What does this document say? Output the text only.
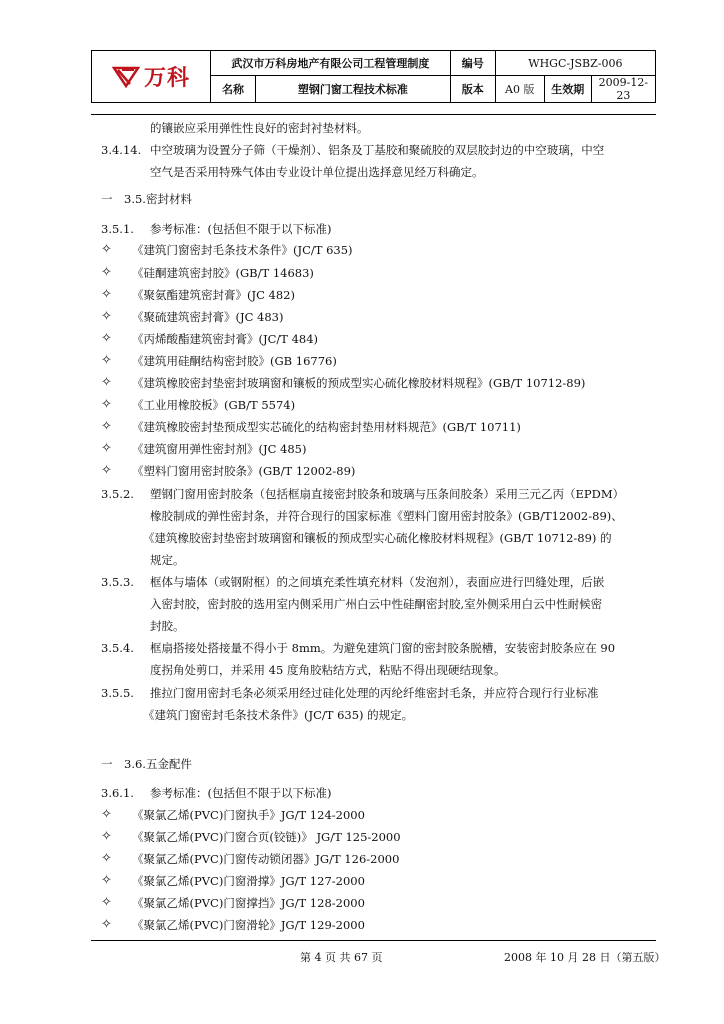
万科	武汉市万科房地产有限公司工程管理制度		编号	WHGC-JSBZ-006		
	名称	塑钢门窗工程技术标准	版本	A0 版	生效期	2009-12-23
的镶嵌应采用弹性性良好的密封衬垫材料。
3.4.14. 中空玻璃为设置分子筛（干燥剂）、铝条及丁基胶和聚硫胶的双层胶封边的中空玻璃，中空
空气是否采用特殊气体由专业设计单位提出选择意见经万科确定。
一　3.5.密封材料
3.5.1. 参考标准：(包括但不限于以下标准)
✧ 《建筑门窗密封毛条技术条件》(JC/T 635)
✧ 《硅酮建筑密封胶》(GB/T 14683)
✧ 《聚氨酯建筑密封膏》(JC 482)
✧ 《聚硫建筑密封膏》(JC 483)
✧ 《丙烯酸酯建筑密封膏》(JC/T 484)
✧ 《建筑用硅酮结构密封胶》(GB 16776)
✧ 《建筑橡胶密封垫密封玻璃窗和镶板的预成型实心硫化橡胶材料规程》(GB/T 10712-89)
✧ 《工业用橡胶板》(GB/T 5574)
✧ 《建筑橡胶密封垫预成型实芯硫化的结构密封垫用材料规范》(GB/T 10711)
✧ 《建筑窗用弹性密封剂》(JC 485)
✧ 《塑料门窗用密封胶条》(GB/T 12002-89)
3.5.2. 塑钢门窗用密封胶条（包括框扇直接密封胶条和玻璃与压条间胶条）采用三元乙丙（EPDM）
橡胶制成的弹性密封条，并符合现行的国家标准《塑料门窗用密封胶条》(GB/T12002-89)、
《建筑橡胶密封垫密封玻璃窗和镶板的预成型实心硫化橡胶材料规程》(GB/T 10712-89) 的
规定。
3.5.3. 框体与墙体（或钢附框）的之间填充柔性填充材料（发泡剂），表面应进行凹缝处理，后嵌
入密封胶，密封胶的选用室内侧采用广州白云中性硅酮密封胶,室外侧采用白云中性耐候密
封胶。
3.5.4. 框扇搭接处搭接量不得小于 8mm。为避免建筑门窗的密封胶条脱槽，安装密封胶条应在 90
度拐角处剪口，并采用 45 度角胶粘结方式，粘贴不得出现硬结现象。
3.5.5. 推拉门窗用密封毛条必须采用经过硅化处理的丙纶纤维密封毛条，并应符合现行行业标准
《建筑门窗密封毛条技术条件》(JC/T 635) 的规定。
一　3.6.五金配件
3.6.1. 参考标准：(包括但不限于以下标准)
✧ 《聚氯乙烯(PVC)门窗执手》JG/T 124-2000
✧ 《聚氯乙烯(PVC)门窗合页(铰链)》 JG/T 125-2000
✧ 《聚氯乙烯(PVC)门窗传动锁闭器》JG/T 126-2000
✧ 《聚氯乙烯(PVC)门窗滑撑》JG/T 127-2000
✧ 《聚氯乙烯(PVC)门窗撑挡》JG/T 128-2000
✧ 《聚氯乙烯(PVC)门窗滑轮》JG/T 129-2000
第 4 页 共 67 页	2008 年 10 月 28 日（第五版）
